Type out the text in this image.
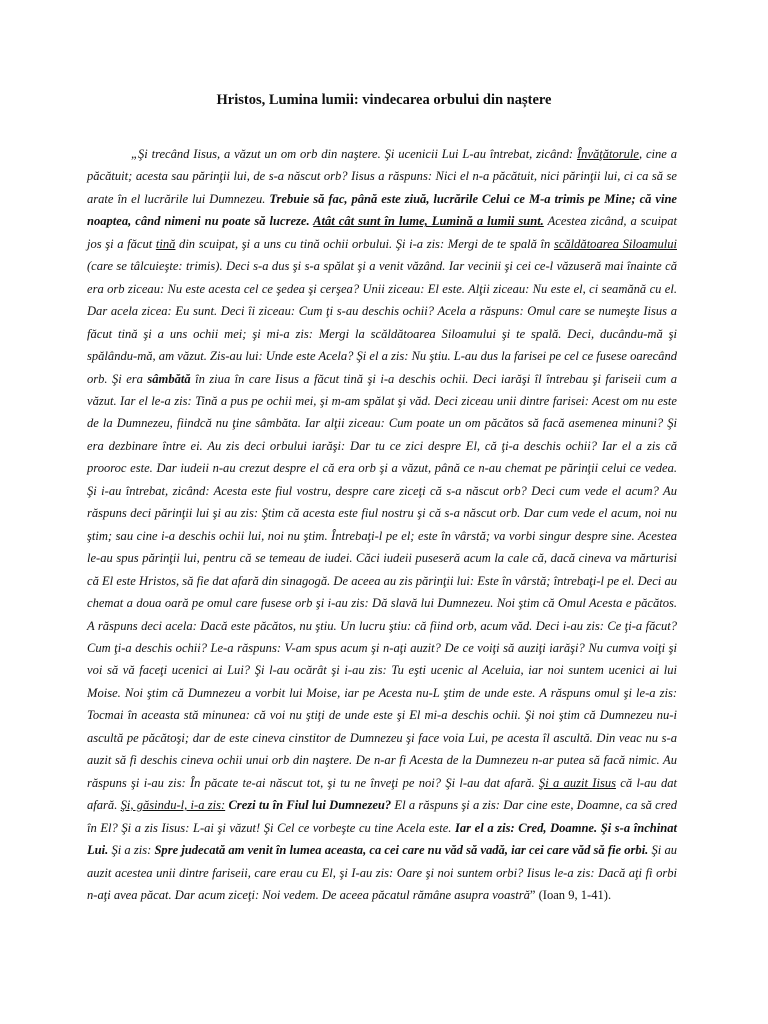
Hristos, Lumina lumii: vindecarea orbului din naștere

„Şi trecând Iisus, a văzut un om orb din naştere. Şi ucenicii Lui L-au întrebat, zicând: Învăţătorule, cine a păcătuit; acesta sau părinţii lui, de s-a născut orb? Iisus a răspuns: Nici el n-a păcătuit, nici părinţii lui, ci ca să se arate în el lucrările lui Dumnezeu. Trebuie să fac, până este ziuă, lucrările Celui ce M-a trimis pe Mine; că vine noaptea, când nimeni nu poate să lucreze. Atât cât sunt în lume, Lumină a lumii sunt. Acestea zicând, a scuipat jos şi a făcut tină din scuipat, şi a uns cu tină ochii orbului. Şi i-a zis: Mergi de te spală în scăldătoarea Siloamului (care se tâlcuieşte: trimis). Deci s-a dus şi s-a spălat şi a venit văzând. Iar vecinii şi cei ce-l văzuseră mai înainte că era orb ziceau: Nu este acesta cel ce şedea şi cerşea? Unii ziceau: El este. Alţii ziceau: Nu este el, ci seamănă cu el. Dar acela zicea: Eu sunt. Deci îi ziceau: Cum ţi s-au deschis ochii? Acela a răspuns: Omul care se numeşte Iisus a făcut tină şi a uns ochii mei; şi mi-a zis: Mergi la scăldătoarea Siloamului şi te spală. Deci, ducându-mă şi spălându-mă, am văzut. Zis-au lui: Unde este Acela? Şi el a zis: Nu ştiu. L-au dus la farisei pe cel ce fusese oarecând orb. Şi era sâmbătă în ziua în care Iisus a făcut tină şi i-a deschis ochii. Deci iarăşi îl întrebau şi fariseii cum a văzut. Iar el le-a zis: Tină a pus pe ochii mei, şi m-am spălat şi văd. Deci ziceau unii dintre farisei: Acest om nu este de la Dumnezeu, fiindcă nu ţine sâmbăta. Iar alţii ziceau: Cum poate un om păcătos să facă asemenea minuni? Şi era dezbinare între ei. Au zis deci orbului iarăşi: Dar tu ce zici despre El, că ţi-a deschis ochii? Iar el a zis că prooroc este. Dar iudeii n-au crezut despre el că era orb şi a văzut, până ce n-au chemat pe părinţii celui ce vedea. Şi i-au întrebat, zicând: Acesta este fiul vostru, despre care ziceţi că s-a născut orb? Deci cum vede el acum? Au răspuns deci părinţii lui şi au zis: Ştim că acesta este fiul nostru şi că s-a născut orb. Dar cum vede el acum, noi nu ştim; sau cine i-a deschis ochii lui, noi nu ştim. Întrebaţi-l pe el; este în vârstă; va vorbi singur despre sine. Acestea le-au spus părinţii lui, pentru că se temeau de iudei. Căci iudeii puseseră acum la cale că, dacă cineva va mărturisi că El este Hristos, să fie dat afară din sinagogă. De aceea au zis părinţii lui: Este în vârstă; întrebaţi-l pe el. Deci au chemat a doua oară pe omul care fusese orb şi i-au zis: Dă slavă lui Dumnezeu. Noi ştim că Omul Acesta e păcătos. A răspuns deci acela: Dacă este păcătos, nu ştiu. Un lucru ştiu: că fiind orb, acum văd. Deci i-au zis: Ce ţi-a făcut? Cum ţi-a deschis ochii? Le-a răspuns: V-am spus acum şi n-aţi auzit? De ce voiţi să auziţi iarăşi? Nu cumva voiţi şi voi să vă faceţi ucenici ai Lui? Şi l-au ocărât şi i-au zis: Tu eşti ucenic al Aceluia, iar noi suntem ucenici ai lui Moise. Noi ştim că Dumnezeu a vorbit lui Moise, iar pe Acesta nu-L ştim de unde este. A răspuns omul şi le-a zis: Tocmai în aceasta stă minunea: că voi nu ştiţi de unde este şi El mi-a deschis ochii. Şi noi ştim că Dumnezeu nu-i ascultă pe păcătoşi; dar de este cineva cinstitor de Dumnezeu şi face voia Lui, pe acesta îl ascultă. Din veac nu s-a auzit să fi deschis cineva ochii unui orb din naştere. De n-ar fi Acesta de la Dumnezeu n-ar putea să facă nimic. Au răspuns şi i-au zis: În păcate te-ai născut tot, şi tu ne înveţi pe noi? Şi l-au dat afară. Şi a auzit Iisus că l-au dat afară. Şi, găsindu-l, i-a zis: Crezi tu în Fiul lui Dumnezeu? El a răspuns şi a zis: Dar cine este, Doamne, ca să cred în El? Şi a zis Iisus: L-ai şi văzut! Şi Cel ce vorbeşte cu tine Acela este. Iar el a zis: Cred, Doamne. Şi s-a închinat Lui. Şi a zis: Spre judecată am venit în lumea aceasta, ca cei care nu văd să vadă, iar cei care văd să fie orbi. Şi au auzit acestea unii dintre fariseii, care erau cu El, şi I-au zis: Oare şi noi suntem orbi? Iisus le-a zis: Dacă aţi fi orbi n-aţi avea păcat. Dar acum ziceţi: Noi vedem. De aceea păcatul rămâne asupra voastră” (Ioan 9, 1-41).
